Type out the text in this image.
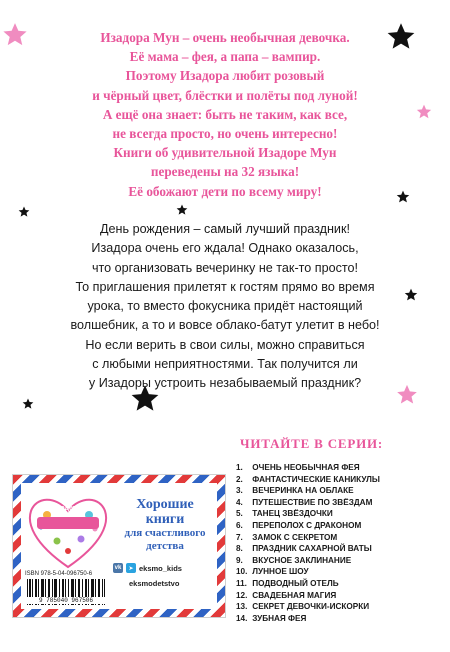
Изадора Мун – очень необычная девочка.
Её мама – фея, а папа – вампир.
Поэтому Изадора любит розовый
и чёрный цвет, блёстки и полёты под луной!
А ещё она знает: быть не таким, как все,
не всегда просто, но очень интересно!
Книги об удивительной Изадоре Мун
переведены на 32 языка!
Её обожают дети по всему миру!
День рождения – самый лучший праздник!
Изадора очень его ждала! Однако оказалось,
что организовать вечеринку не так-то просто!
То приглашения прилетят к гостям прямо во время
урока, то вместо фокусника придёт настоящий
волшебник, а то и вовсе облако-батут улетит в небо!
Но если верить в свои силы, можно справиться
с любыми неприятностями. Так получится ли
у Изадоры устроить незабываемый праздник?
ЧИТАЙТЕ В СЕРИИ:
1. ОЧЕНЬ НЕОБЫЧНАЯ ФЕЯ
2. ФАНТАСТИЧЕСКИЕ КАНИКУЛЫ
3. ВЕЧЕРИНКА НА ОБЛАКЕ
4. ПУТЕШЕСТВИЕ ПО ЗВЁЗДАМ
5. ТАНЕЦ ЗВЁЗДОЧКИ
6. ПЕРЕПОЛОХ С ДРАКОНОМ
7. ЗАМОК С СЕКРЕТОМ
8. ПРАЗДНИК САХАРНОЙ ВАТЫ
9. ВКУСНОЕ ЗАКЛИНАНИЕ
10. ЛУННОЕ ШОУ
11. ПОДВОДНЫЙ ОТЕЛЬ
12. СВАДЕБНАЯ МАГИЯ
13. СЕКРЕТ ДЕВОЧКИ-ИСКОРКИ
14. ЗУБНАЯ ФЕЯ
эксмодетство	Хорошие
книги
для счастливого
детства
ISBN 978-5-04-096750-6
9 785040 967506
vk	➤ eksmo_kids
eksmodetstvo
